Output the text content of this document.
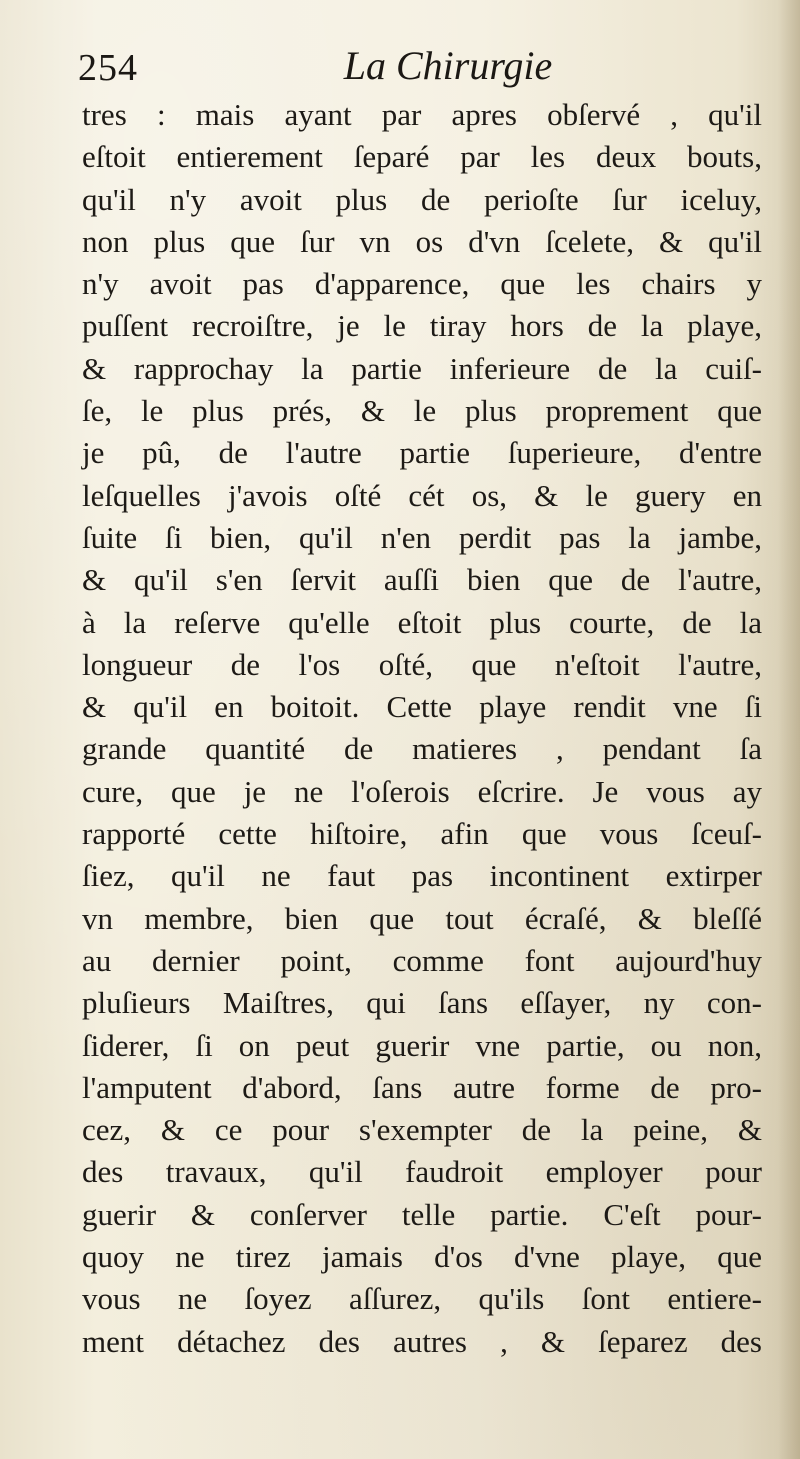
254	La Chirurgie
tres : mais ayant par apres obſervé , qu'il
eſtoit entierement ſeparé par les deux bouts,
qu'il n'y avoit plus de perioſte ſur iceluy,
non plus que ſur vn os d'vn ſcelete, & qu'il
n'y avoit pas d'apparence, que les chairs y
puſſent recroiſtre, je le tiray hors de la playe,
& rapprochay la partie inferieure de la cuiſ-
ſe, le plus prés, & le plus proprement que
je pû, de l'autre partie ſuperieure, d'entre
leſquelles j'avois oſté cét os, & le guery en
ſuite ſi bien, qu'il n'en perdit pas la jambe,
& qu'il s'en ſervit auſſi bien que de l'autre,
à la reſerve qu'elle eſtoit plus courte, de la
longueur de l'os oſté, que n'eſtoit l'autre,
& qu'il en boitoit. Cette playe rendit vne ſi
grande quantité de matieres , pendant ſa
cure, que je ne l'oſerois eſcrire. Je vous ay
rapporté cette hiſtoire, afin que vous ſceuſ-
ſiez, qu'il ne faut pas incontinent extirper
vn membre, bien que tout écraſé, & bleſſé
au dernier point, comme font aujourd'huy
pluſieurs Maiſtres, qui ſans eſſayer, ny con-
ſiderer, ſi on peut guerir vne partie, ou non,
l'amputent d'abord, ſans autre forme de pro-
cez, & ce pour s'exempter de la peine, &
des travaux, qu'il faudroit employer pour
guerir & conſerver telle partie. C'eſt pour-
quoy ne tirez jamais d'os d'vne playe, que
vous ne ſoyez aſſurez, qu'ils ſont entiere-
ment détachez des autres , & ſeparez des
